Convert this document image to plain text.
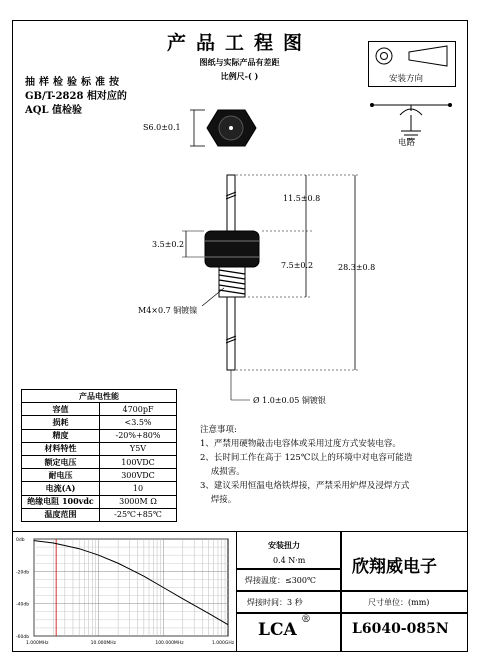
产品工程图
图纸与实际产品有差距
比例尺-( )
抽样检验标准按
GB/T-2828 相对应的
AQL 值检验
安装方向
电路
S6.0±0.1
11.5±0.8
3.5±0.2
7.5±0.2	28.3±0.8
M4×0.7 铜镀镍
Ø 1.0±0.05 铜镀银
产品电性能	
容值	4700pF
损耗	<3.5%
精度	-20%+80%
材料特性	Y5V
额定电压	100VDC
耐电压	300VDC
电流(A)	10
绝缘电阻 100vdc	3000M Ω
温度范围	-25℃+85℃
注意事项:
1、严禁用硬物敲击电容体或采用过度方式安装电容。
2、长时间工作在高于 125℃以上的环境中对电容可能造
成损害。
3、建议采用恒温电烙铁焊接，严禁采用炉焊及浸焊方式
焊接。
0db
-20db
-40db
-60db
1.000MHz	10.000MHz	100.000MHz	1.000GHz
安装扭力
0.4 N·m
焊接温度：≤300℃
焊接时间：3 秒
欣翔威电子
尺寸单位：(mm)
LCA
®
L6040-085N
